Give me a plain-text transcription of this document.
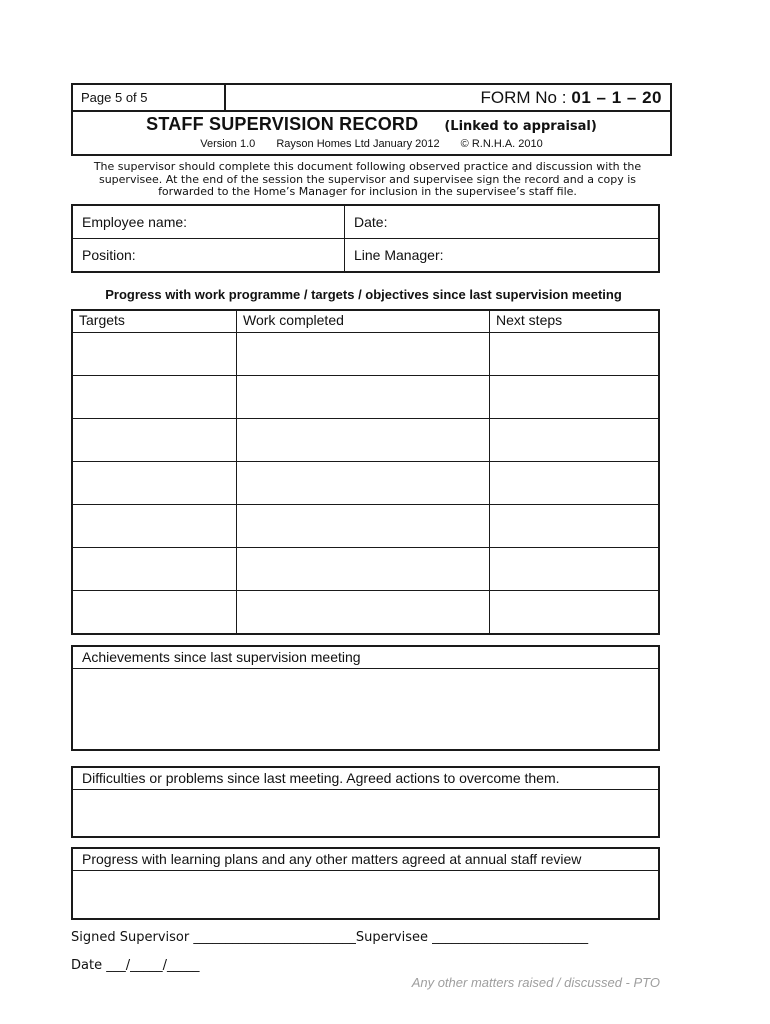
Page 5 of 5	FORM No : 01 – 1 – 20
STAFF SUPERVISION RECORD (Linked to appraisal)
Version 1.0 Rayson Homes Ltd January 2012 © R.N.H.A. 2010
The supervisor should complete this document following observed practice and discussion with the supervisee. At the end of the session the supervisor and supervisee sign the record and a copy is forwarded to the Home’s Manager for inclusion in the supervisee’s staff file.
Employee name:	Date:
Position:	Line Manager:
Progress with work programme / targets / objectives since last supervision meeting
Targets	Work completed	Next steps
Achievements since last supervision meeting
Difficulties or problems since last meeting. Agreed actions to overcome them.
Progress with learning plans and any other matters agreed at annual staff review
Signed Supervisor _________________________Supervisee ________________________
Date ___/_____/_____
Any other matters raised / discussed - PTO
